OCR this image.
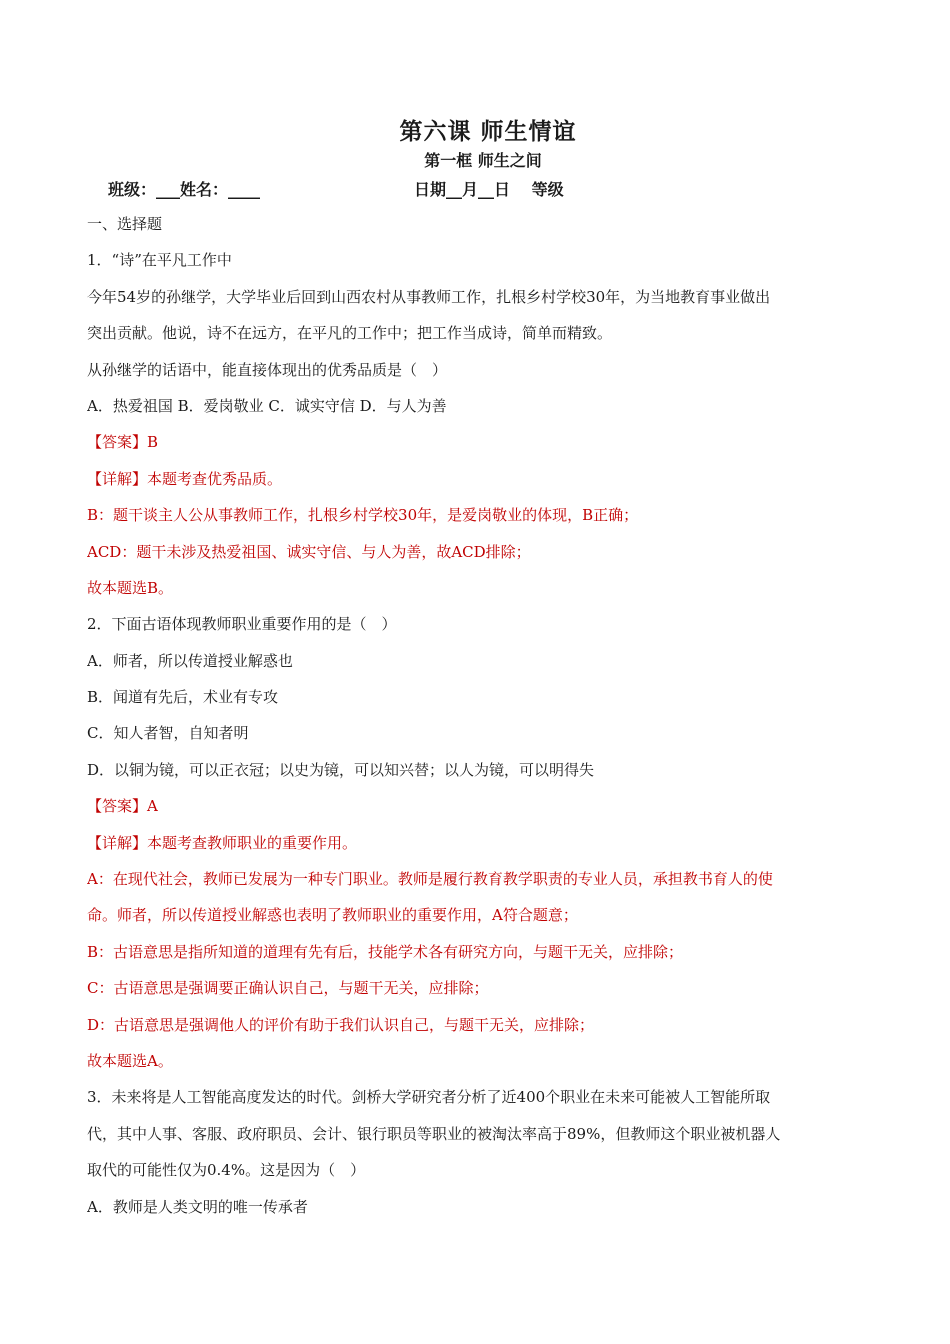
第六课 师生情谊
第一框 师生之间
班级：___姓名：____	日期__月__日　 等级
一、选择题
1．“诗”在平凡工作中
今年54岁的孙继学，大学毕业后回到山西农村从事教师工作，扎根乡村学校30年，为当地教育事业做出
突出贡献。他说，诗不在远方，在平凡的工作中；把工作当成诗，简单而精致。
从孙继学的话语中，能直接体现出的优秀品质是（　）
A．热爱祖国 B．爱岗敬业 C．诚实守信 D．与人为善
【答案】B
【详解】本题考查优秀品质。
B：题干谈主人公从事教师工作，扎根乡村学校30年，是爱岗敬业的体现，B正确；
ACD：题干未涉及热爱祖国、诚实守信、与人为善，故ACD排除；
故本题选B。
2．下面古语体现教师职业重要作用的是（　）
A．师者，所以传道授业解惑也
B．闻道有先后，术业有专攻
C．知人者智，自知者明
D．以铜为镜，可以正衣冠；以史为镜，可以知兴替；以人为镜，可以明得失
【答案】A
【详解】本题考查教师职业的重要作用。
A：在现代社会，教师已发展为一种专门职业。教师是履行教育教学职责的专业人员，承担教书育人的使
命。师者，所以传道授业解惑也表明了教师职业的重要作用，A符合题意；
B：古语意思是指所知道的道理有先有后，技能学术各有研究方向，与题干无关，应排除；
C：古语意思是强调要正确认识自己，与题干无关，应排除；
D：古语意思是强调他人的评价有助于我们认识自己，与题干无关，应排除；
故本题选A。
3．未来将是人工智能高度发达的时代。剑桥大学研究者分析了近400个职业在未来可能被人工智能所取
代，其中人事、客服、政府职员、会计、银行职员等职业的被淘汰率高于89%，但教师这个职业被机器人
取代的可能性仅为0.4%。这是因为（　）
A．教师是人类文明的唯一传承者
